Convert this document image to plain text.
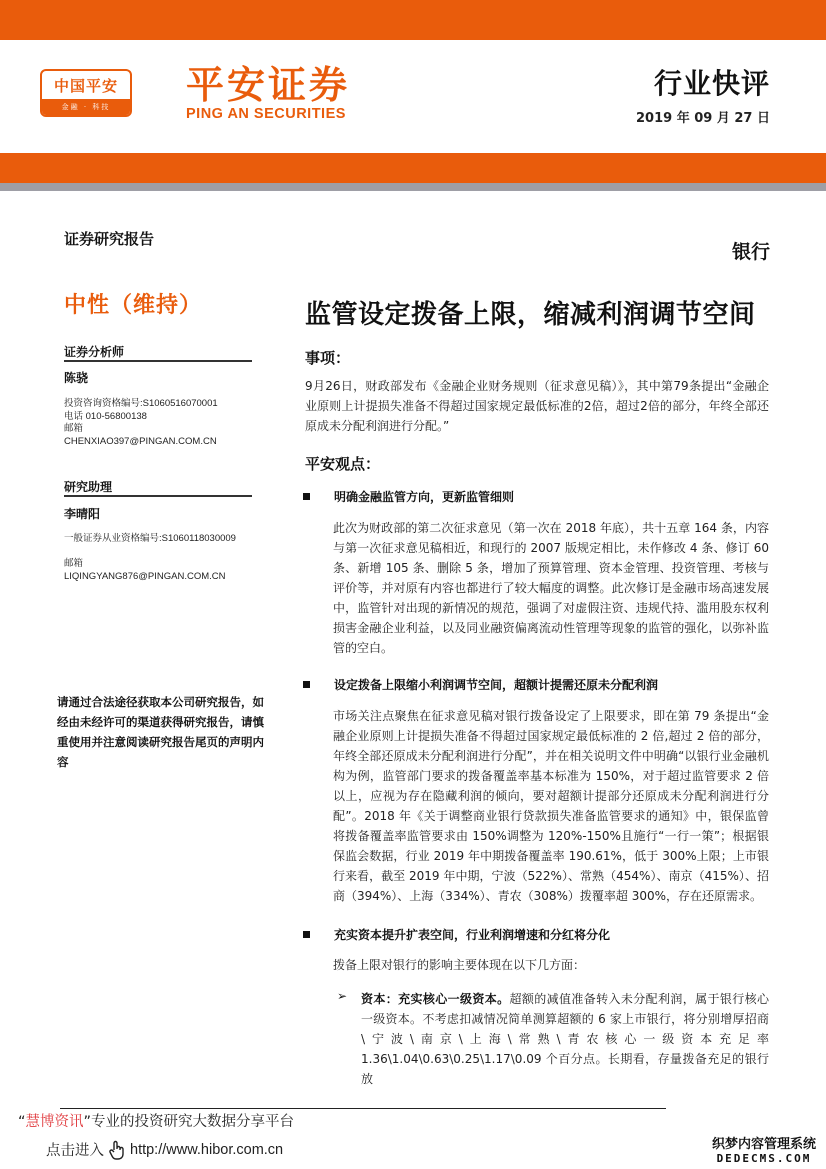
中国平安
金融 · 科技	平安证券
PING AN SECURITIES
行业快评
2019 年 09 月 27 日
证券研究报告
中性（维持）
证券分析师
陈骁
投资咨询资格编号:S1060516070001
电话 010-56800138
邮箱
CHENXIAO397@PINGAN.COM.CN
研究助理
李晴阳
一般证券从业资格编号:S1060118030009
邮箱
LIQINGYANG876@PINGAN.COM.CN
请通过合法途径获取本公司研究报告，如经由未经许可的渠道获得研究报告，请慎重使用并注意阅读研究报告尾页的声明内容
银行
监管设定拨备上限，缩减利润调节空间
事项：
9月26日，财政部发布《金融企业财务规则（征求意见稿）》，其中第79条提出“金融企业原则上计提损失准备不得超过国家规定最低标准的2倍，超过2倍的部分，年终全部还原成未分配利润进行分配。”
平安观点：
明确金融监管方向，更新监管细则
此次为财政部的第二次征求意见（第一次在 2018 年底），共十五章 164 条，内容与第一次征求意见稿相近，和现行的 2007 版规定相比，未作修改 4 条、修订 60 条、新增 105 条、删除 5 条，增加了预算管理、资本金管理、投资管理、考核与评价等，并对原有内容也都进行了较大幅度的调整。此次修订是金融市场高速发展中，监管针对出现的新情况的规范，强调了对虚假注资、违规代持、滥用股东权利损害金融企业利益，以及同业融资偏离流动性管理等现象的监管的强化，以弥补监管的空白。
设定拨备上限缩小利润调节空间，超额计提需还原未分配利润
市场关注点聚焦在征求意见稿对银行拨备设定了上限要求，即在第 79 条提出“金融企业原则上计提损失准备不得超过国家规定最低标准的 2 倍,超过 2 倍的部分，年终全部还原成未分配利润进行分配”，并在相关说明文件中明确“以银行业金融机构为例，监管部门要求的拨备覆盖率基本标准为 150%，对于超过监管要求 2 倍以上，应视为存在隐藏利润的倾向，要对超额计提部分还原成未分配利润进行分配”。2018 年《关于调整商业银行贷款损失准备监管要求的通知》中，银保监曾将拨备覆盖率监管要求由 150%调整为 120%-150%且施行“一行一策”；根据银保监会数据，行业 2019 年中期拨备覆盖率 190.61%，低于 300%上限；上市银行来看，截至 2019 年中期，宁波（522%）、常熟（454%）、南京（415%）、招商（394%）、上海（334%）、青农（308%）拨覆率超 300%，存在还原需求。
充实资本提升扩表空间，行业利润增速和分红将分化
拨备上限对银行的影响主要体现在以下几方面：
➢ 资本：充实核心一级资本。超额的减值准备转入未分配利润，属于银行核心一级资本。不考虑扣减情况简单测算超额的 6 家上市银行，将分别增厚招商\宁波\南京\上海\常熟\青农核心一级资本充足率 1.36\1.04\0.63\0.25\1.17\0.09 个百分点。长期看，存量拨备充足的银行放
“慧博资讯”专业的投资研究大数据分享平台
点击进入 http://www.hibor.com.cn	织梦内容管理系统
DEDECMS.COM
